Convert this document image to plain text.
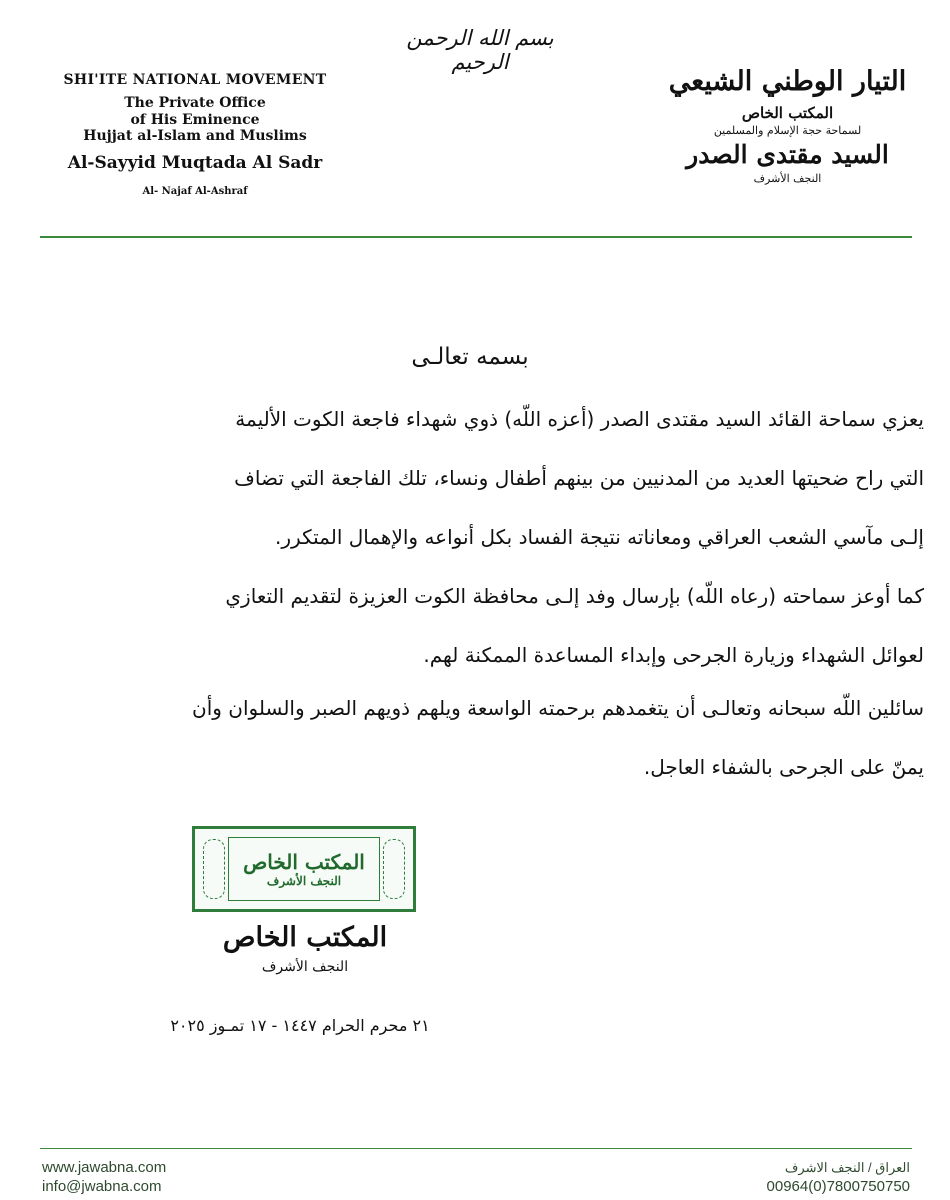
بسم الله الرحمن الرحيم
SHI'ITE NATIONAL MOVEMENT
The Private Office
of His Eminence
Hujjat al-Islam and Muslims
Al-Sayyid Muqtada Al Sadr
Al- Najaf Al-Ashraf
التيار الوطني الشيعي
المكتب الخاص
لسماحة حجة الإسلام والمسلمين
السيد مقتدى الصدر
النجف الأشرف
بسمه تعالـى
يعزي سماحة القائد السيد مقتدى الصدر (أعزه اللّه) ذوي شهداء فاجعة الكوت الأليمة
التي راح ضحيتها العديد من المدنيين من بينهم أطفال ونساء، تلك الفاجعة التي تضاف
إلـى مآسي الشعب العراقي ومعاناته نتيجة الفساد بكل أنواعه والإهمال المتكرر.
كما أوعز سماحته (رعاه اللّه) بإرسال وفد إلـى محافظة الكوت العزيزة لتقديم التعازي
لعوائل الشهداء وزيارة الجرحى وإبداء المساعدة الممكنة لهم.
سائلين اللّه سبحانه وتعالـى أن يتغمدهم برحمته الواسعة ويلهم ذويهم الصبر والسلوان وأن
يمنّ على الجرحى بالشفاء العاجل.
المكتب الخاص
النجف الأشرف
المكتب الخاص
النجف الأشرف
٢١ محرم الحرام ١٤٤٧ - ١٧ تمـوز ٢٠٢٥
www.jawabna.com
info@jwabna.com
العراق / النجف الاشرف
00964(0)7800750750
